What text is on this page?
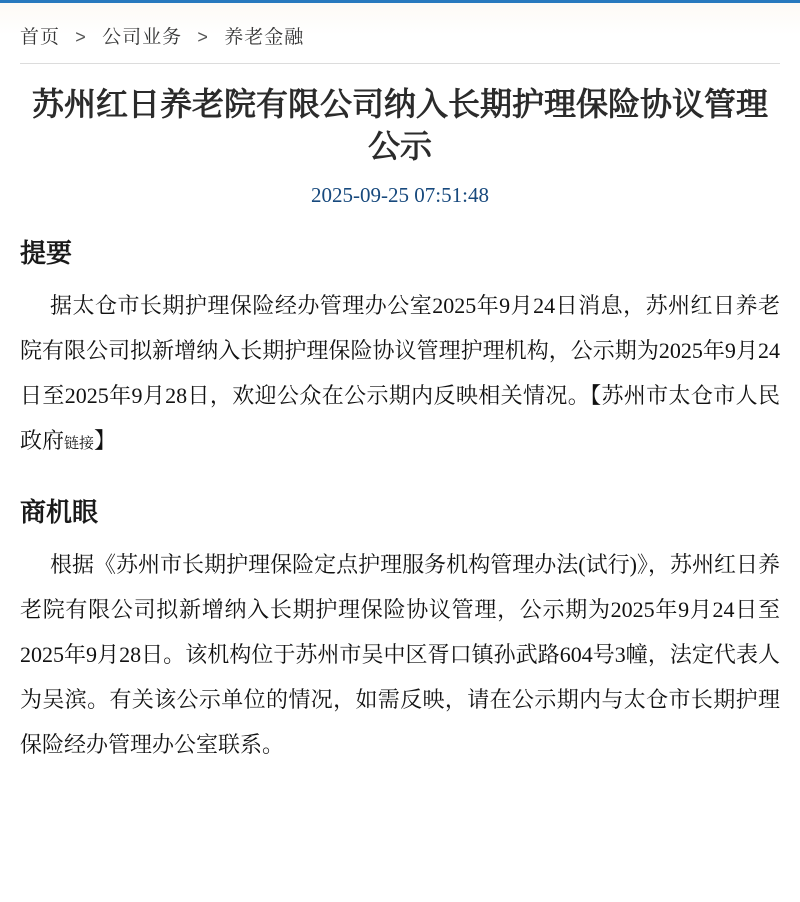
首页 > 公司业务 > 养老金融
苏州红日养老院有限公司纳入长期护理保险协议管理公示
2025-09-25 07:51:48
提要

据太仓市长期护理保险经办管理办公室2025年9月24日消息，苏州红日养老院有限公司拟新增纳入长期护理保险协议管理护理机构，公示期为2025年9月24日至2025年9月28日，欢迎公众在公示期内反映相关情况。【苏州市太仓市人民政府链接】

商机眼

根据《苏州市长期护理保险定点护理服务机构管理办法(试行)》，苏州红日养老院有限公司拟新增纳入长期护理保险协议管理，公示期为2025年9月24日至2025年9月28日。该机构位于苏州市吴中区胥口镇孙武路604号3幢，法定代表人为吴滨。有关该公示单位的情况，如需反映，请在公示期内与太仓市长期护理保险经办管理办公室联系。
